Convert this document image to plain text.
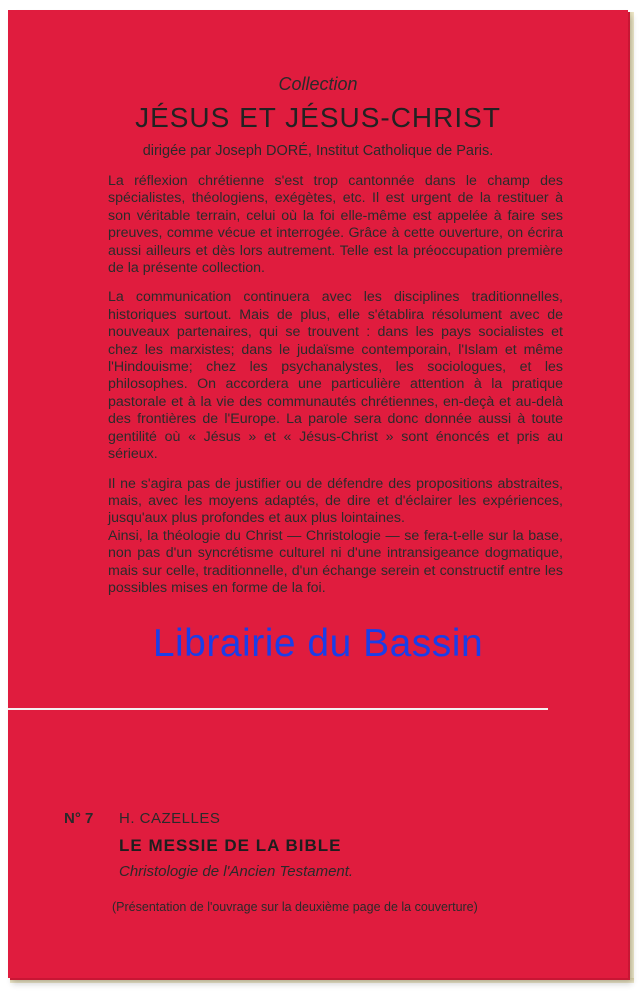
Collection
JÉSUS ET JÉSUS-CHRIST
dirigée par Joseph DORÉ, Institut Catholique de Paris.

La réflexion chrétienne s'est trop cantonnée dans le champ des spécialistes, théologiens, exégètes, etc. Il est urgent de la restituer à son véritable terrain, celui où la foi elle-même est appelée à faire ses preuves, comme vécue et interrogée. Grâce à cette ouverture, on écrira aussi ailleurs et dès lors autrement. Telle est la préoccupation première de la présente collection.

La communication continuera avec les disciplines traditionnelles, historiques surtout. Mais de plus, elle s'établira résolument avec de nouveaux partenaires, qui se trouvent : dans les pays socialistes et chez les marxistes; dans le judaïsme contemporain, l'Islam et même l'Hindouisme; chez les psychanalystes, les sociologues, et les philosophes. On accordera une particulière attention à la pratique pastorale et à la vie des communautés chrétiennes, en-deçà et au-delà des frontières de l'Europe. La parole sera donc donnée aussi à toute gentilité où « Jésus » et « Jésus-Christ » sont énoncés et pris au sérieux.

Il ne s'agira pas de justifier ou de défendre des propositions abstraites, mais, avec les moyens adaptés, de dire et d'éclairer les expériences, jusqu'aux plus profondes et aux plus lointaines.

Ainsi, la théologie du Christ — Christologie — se fera-t-elle sur la base, non pas d'un syncrétisme culturel ni d'une intransigeance dogmatique, mais sur celle, traditionnelle, d'un échange serein et constructif entre les possibles mises en forme de la foi.

Librairie du Bassin
N° 7 H. CAZELLES
LE MESSIE DE LA BIBLE
Christologie de l'Ancien Testament.
(Présentation de l'ouvrage sur la deuxième page de la couverture)
